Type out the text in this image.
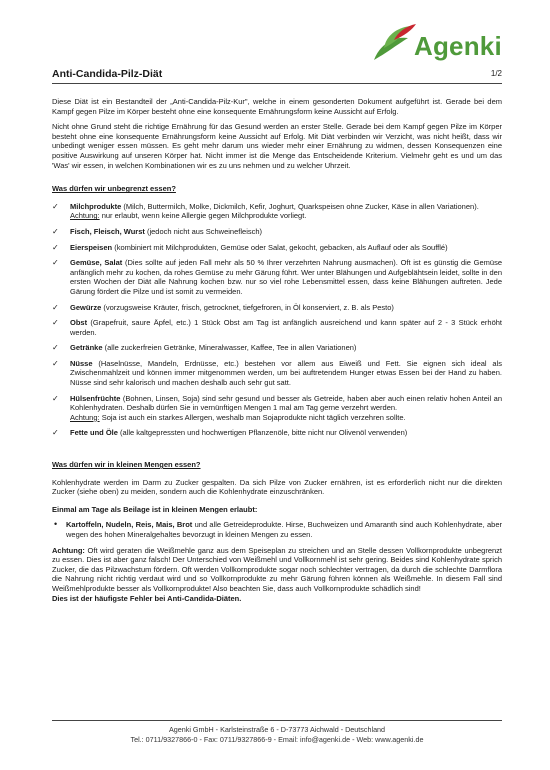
Agenki
Anti-Candida-Pilz-Diät	1/2

Diese Diät ist ein Bestandteil der „Anti-Candida-Pilz-Kur", welche in einem gesonderten Dokument aufgeführt ist. Gerade bei dem Kampf gegen Pilze im Körper besteht ohne eine konsequente Ernährungsform keine Aussicht auf Erfolg.

Nicht ohne Grund steht die richtige Ernährung für das Gesund werden an erster Stelle. Gerade bei dem Kampf gegen Pilze im Körper besteht ohne eine konsequente Ernährungsform keine Aussicht auf Erfolg. Mit Diät verbinden wir Verzicht, was nicht heißt, dass wir unbedingt weniger essen müssen. Es geht mehr darum uns wieder mehr einer Ernährung zu widmen, dessen Konsequenzen eine positive Auswirkung auf unseren Körper hat. Nicht immer ist die Menge das Entscheidende Kriterium. Vielmehr geht es und um das 'Was' wir essen, in welchen Kombinationen wir es zu uns nehmen und zu welcher Uhrzeit.

Was dürfen wir unbegrenzt essen?
✓	Milchprodukte (Milch, Buttermilch, Molke, Dickmilch, Kefir, Joghurt, Quarkspeisen ohne Zucker, Käse in allen Variationen).
Achtung: nur erlaubt, wenn keine Allergie gegen Milchprodukte vorliegt.
✓	Fisch, Fleisch, Wurst (jedoch nicht aus Schweinefleisch)
✓	Eierspeisen (kombiniert mit Milchprodukten, Gemüse oder Salat, gekocht, gebacken, als Auflauf oder als Soufflé)
✓	Gemüse, Salat (Dies sollte auf jeden Fall mehr als 50 % Ihrer verzehrten Nahrung ausmachen). Oft ist es günstig die Gemüse anfänglich mehr zu kochen, da rohes Gemüse zu mehr Gärung führt. Wer unter Blähungen und Aufgeblähtsein leidet, sollte in den ersten Wochen der Diät alle Nahrung kochen bzw. nur so viel rohe Lebensmittel essen, dass keine Blähungen auftreten. Jede Gärung fördert die Pilze und ist somit zu vermeiden.
✓	Gewürze (vorzugsweise Kräuter, frisch, getrocknet, tiefgefroren, in Öl konserviert, z. B. als Pesto)
✓	Obst (Grapefruit, saure Äpfel, etc.) 1 Stück Obst am Tag ist anfänglich ausreichend und kann später auf 2 - 3 Stück erhöht werden.
✓	Getränke (alle zuckerfreien Getränke, Mineralwasser, Kaffee, Tee in allen Variationen)
✓	Nüsse (Haselnüsse, Mandeln, Erdnüsse, etc.) bestehen vor allem aus Eiweiß und Fett. Sie eignen sich ideal als Zwischenmahlzeit und können immer mitgenommen werden, um bei auftretendem Hunger etwas Essen bei der Hand zu haben. Nüsse sind sehr kalorisch und machen deshalb auch sehr gut satt.
✓	Hülsenfrüchte (Bohnen, Linsen, Soja) sind sehr gesund und besser als Getreide, haben aber auch einen relativ hohen Anteil an Kohlenhydraten. Deshalb dürfen Sie in vernünftigen Mengen 1 mal am Tag gerne verzehrt werden.
Achtung: Soja ist auch ein starkes Allergen, weshalb man Sojaprodukte nicht täglich verzehren sollte.
✓	Fette und Öle (alle kaltgepressten und hochwertigen Pflanzenöle, bitte nicht nur Olivenöl verwenden)
Was dürfen wir in kleinen Mengen essen?

Kohlenhydrate werden im Darm zu Zucker gespalten. Da sich Pilze von Zucker ernähren, ist es erforderlich nicht nur die direkten Zucker (siehe oben) zu meiden, sondern auch die Kohlenhydrate einzuschränken.

Einmal am Tage als Beilage ist in kleinen Mengen erlaubt:

•	Kartoffeln, Nudeln, Reis, Mais, Brot und alle Getreideprodukte. Hirse, Buchweizen und Amaranth sind auch Kohlenhydrate, aber wegen des hohen Mineralgehaltes bevorzugt in kleinen Mengen zu essen.

Achtung: Oft wird geraten die Weißmehle ganz aus dem Speiseplan zu streichen und an Stelle dessen Vollkornprodukte unbegrenzt zu essen. Dies ist aber ganz falsch! Der Unterschied von Weißmehl und Vollkornmehl ist sehr gering. Beides sind Kohlenhydrate sprich Zucker, die das Pilzwachstum fördern. Oft werden Vollkornprodukte sogar noch schlechter vertragen, da durch die schlechte Darmflora die Nahrung nicht richtig verdaut wird und so Vollkornprodukte zu mehr Gärung führen können als Weißmehle. In diesem Fall sind Weißmehlprodukte besser als Vollkornprodukte! Also beachten Sie, dass auch Vollkornprodukte schädlich sind!

Dies ist der häufigste Fehler bei Anti-Candida-Diäten.

Agenki GmbH - Karlsteinstraße 6 - D-73773 Aichwald - Deutschland
Tel.: 0711/9327866-0 - Fax: 0711/9327866-9 - Email: info@agenki.de - Web: www.agenki.de
